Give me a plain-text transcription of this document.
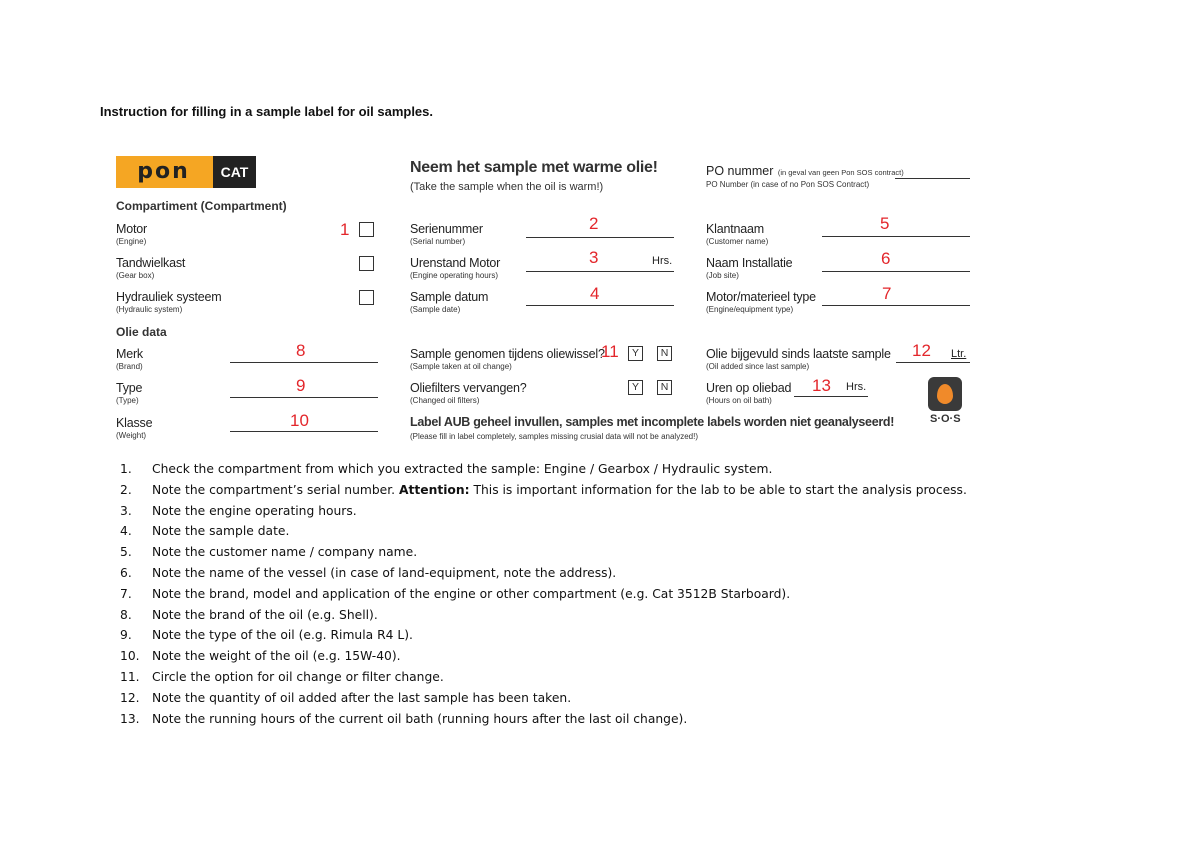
Instruction for filling in a sample label for oil samples.
pon	CAT
Compartiment (Compartment)
Motor
(Engine)
1
Tandwielkast
(Gear box)
Hydrauliek systeem
(Hydraulic system)
Olie data
Merk
(Brand)
8
Type
(Type)
9
Klasse
(Weight)
10
Neem het sample met warme olie!
(Take the sample when the oil is warm!)
Serienummer
(Serial number)
2
Urenstand Motor
(Engine operating hours)
3	Hrs.
Sample datum
(Sample date)
4
Sample genomen tijdens oliewissel?
(Sample taken at oil change)
11	Y	N
Oliefilters vervangen?
(Changed oil filters)
Y	N
Label AUB geheel invullen, samples met incomplete labels worden niet geanalyseerd!
(Please fill in label completely, samples missing crusial data will not be analyzed!)
PO nummer (in geval van geen Pon SOS contract)
PO Number (in case of no Pon SOS Contract)
Klantnaam
(Customer name)
5
Naam Installatie
(Job site)
6
Motor/materieel type
(Engine/equipment type)
7
Olie bijgevuld sinds laatste sample
(Oil added since last sample)
12 Ltr.
Uren op oliebad
(Hours on oil bath)
13 Hrs.
S·O·S
1. Check the compartment from which you extracted the sample: Engine / Gearbox / Hydraulic system.
2. Note the compartment’s serial number. Attention: This is important information for the lab to be able to start the analysis process.
3. Note the engine operating hours.
4. Note the sample date.
5. Note the customer name / company name.
6. Note the name of the vessel (in case of land-equipment, note the address).
7. Note the brand, model and application of the engine or other compartment (e.g. Cat 3512B Starboard).
8. Note the brand of the oil (e.g. Shell).
9. Note the type of the oil (e.g. Rimula R4 L).
10. Note the weight of the oil (e.g. 15W-40).
11. Circle the option for oil change or filter change.
12. Note the quantity of oil added after the last sample has been taken.
13. Note the running hours of the current oil bath (running hours after the last oil change).
